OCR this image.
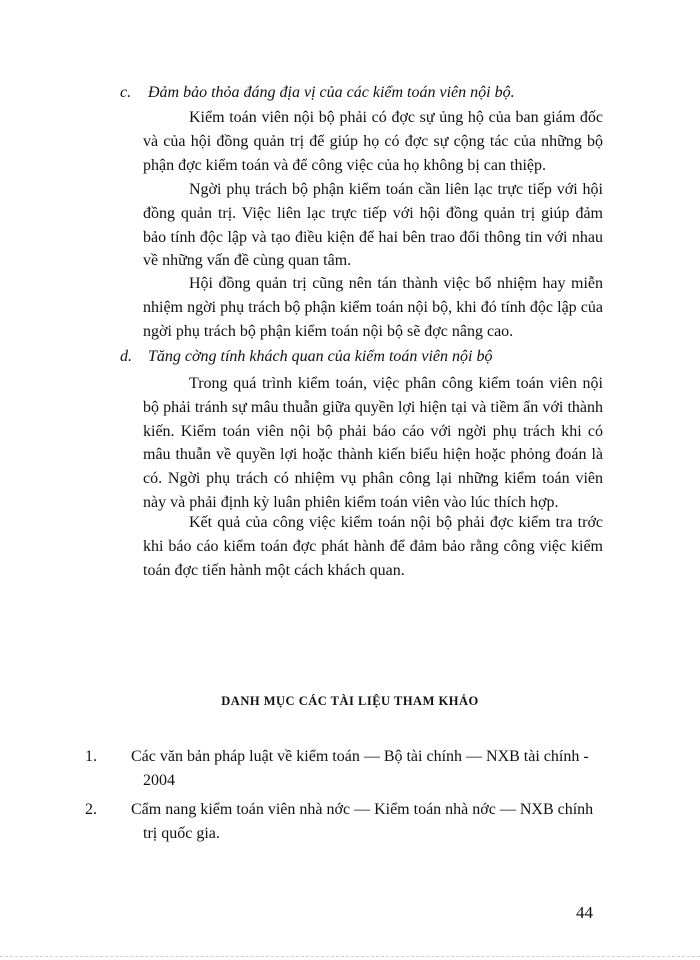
c. Đảm bảo thỏa đáng địa vị của các kiểm toán viên nội bộ.
Kiểm toán viên nội bộ phải có đợc sự ủng hộ của ban giám đốc và của hội đồng quản trị để giúp họ có đợc sự cộng tác của những bộ phận đợc kiểm toán và để công việc của họ không bị can thiệp.
Ngời phụ trách bộ phận kiểm toán cần liên lạc trực tiếp với hội đồng quản trị. Việc liên lạc trực tiếp với hội đồng quản trị giúp đảm bảo tính độc lập và tạo điều kiện để hai bên trao đổi thông tin với nhau về những vấn đề cùng quan tâm.
Hội đồng quản trị cũng nên tán thành việc bổ nhiệm hay miễn nhiệm ngời phụ trách bộ phận kiểm toán nội bộ, khi đó tính độc lập của ngời phụ trách bộ phận kiểm toán nội bộ sẽ đợc nâng cao.
d. Tăng cờng tính khách quan của kiểm toán viên nội bộ
Trong quá trình kiểm toán, việc phân công kiểm toán viên nội bộ phải tránh sự mâu thuẫn giữa quyền lợi hiện tại và tiềm ẩn với thành kiến. Kiểm toán viên nội bộ phải báo cáo với ngời phụ trách khi có mâu thuẫn về quyền lợi hoặc thành kiến biểu hiện hoặc phỏng đoán là có. Ngời phụ trách có nhiệm vụ phân công lại những kiểm toán viên này và phải định kỳ luân phiên kiểm toán viên vào lúc thích hợp.
Kết quả của công việc kiểm toán nội bộ phải đợc kiểm tra trớc khi báo cáo kiểm toán đợc phát hành để đảm bảo rằng công việc kiểm toán đợc tiến hành một cách khách quan.
DANH MỤC CÁC TÀI LIỆU THAM KHẢO
1. Các văn bản pháp luật về kiểm toán — Bộ tài chính — NXB tài chính -
2004
2. Cẩm nang kiểm toán viên nhà nớc — Kiểm toán nhà nớc — NXB chính
trị quốc gia.
44
